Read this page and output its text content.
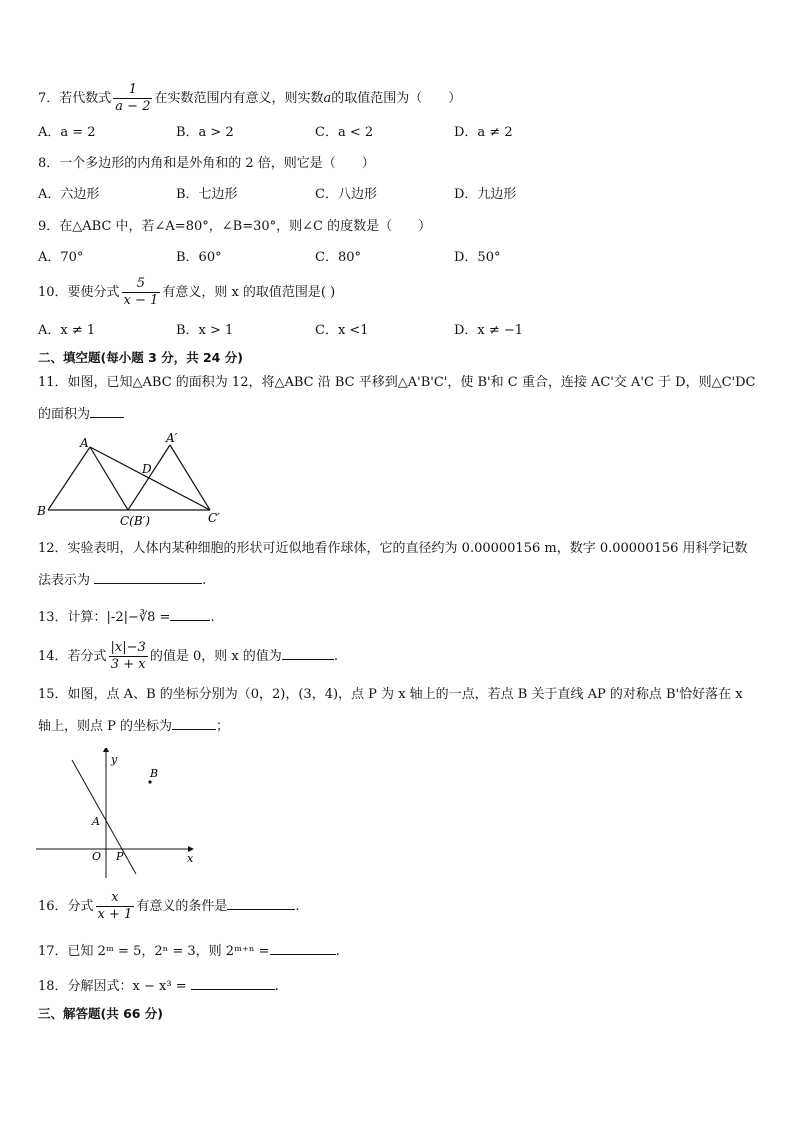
7．若代数式 $\frac{1}{a - 2}$ 在实数范围内有意义，则实数a的取值范围为（　　）
A．a = 2	B．a > 2	C．a < 2	D．a ≠ 2
8．一个多边形的内角和是外角和的 2 倍，则它是（　　）
A．六边形	B．七边形	C．八边形	D．九边形
9．在△ABC 中，若∠A=80°，∠B=30°，则∠C 的度数是（　　）
A．70°	B．60°	C．80°	D．50°
10．要使分式 $\frac{5}{x - 1}$ 有意义，则 x 的取值范围是( )
A．x ≠ 1	B．x > 1	C．x <1	D．x ≠ −1
二、填空题(每小题 3 分，共 24 分)
11．如图，已知△ABC 的面积为 12，将△ABC 沿 BC 平移到△A'B'C'，使 B'和 C 重合，连接 AC'交 A'C 于 D，则△C'DC
的面积为
A	A′
D
B
C(B′)	C′
12．实验表明，人体内某种细胞的形状可近似地看作球体，它的直径约为 0.00000156 m，数字 0.00000156 用科学记数
法表示为	.
13．计算：|-2|−∛8 =	.
14．若分式 $\frac{|x|-3}{3 + x}$ 的值是 0，则 x 的值为	.
15．如图，点 A、B 的坐标分别为（0，2)，(3，4)，点 P 为 x 轴上的一点，若点 B 关于直线 AP 的对称点 B'恰好落在 x
轴上，则点 P 的坐标为	；
y
x
O
A
P
B
16．分式 $\frac{x}{x + 1}$ 有意义的条件是	.
17．已知 2ᵐ = 5，2ⁿ = 3，则 2ᵐ⁺ⁿ =	.
18．分解因式：x − x³ =	.
三、解答题(共 66 分)
